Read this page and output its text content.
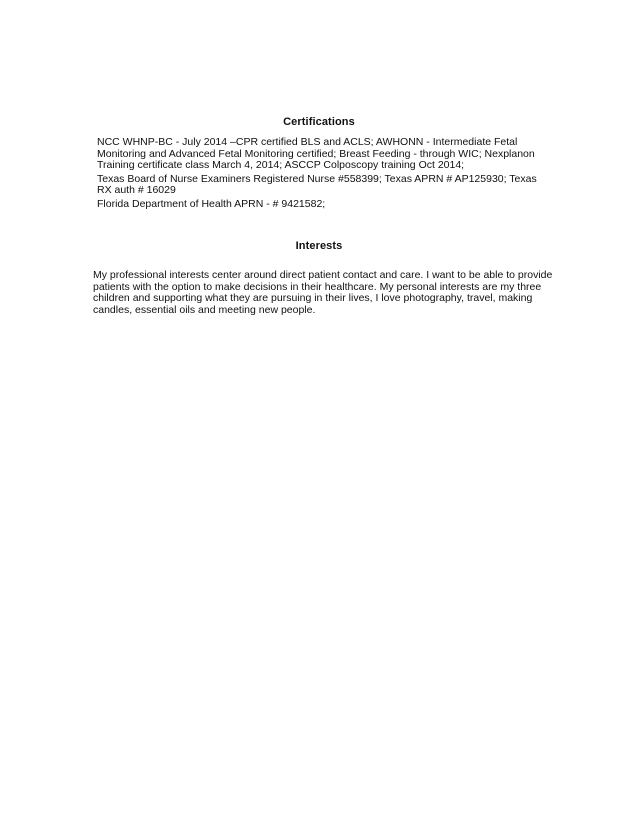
Certifications

NCC WHNP-BC - July 2014 –CPR certified BLS and ACLS; AWHONN - Intermediate Fetal Monitoring and Advanced Fetal Monitoring certified; Breast Feeding - through WIC; Nexplanon Training certificate class March 4, 2014; ASCCP Colposcopy training Oct 2014;

Texas Board of Nurse Examiners Registered Nurse #558399; Texas APRN # AP125930; Texas RX auth # 16029

Florida Department of Health APRN - # 9421582;

Interests

My professional interests center around direct patient contact and care. I want to be able to provide patients with the option to make decisions in their healthcare. My personal interests are my three children and supporting what they are pursuing in their lives, I love photography, travel, making candles, essential oils and meeting new people.
